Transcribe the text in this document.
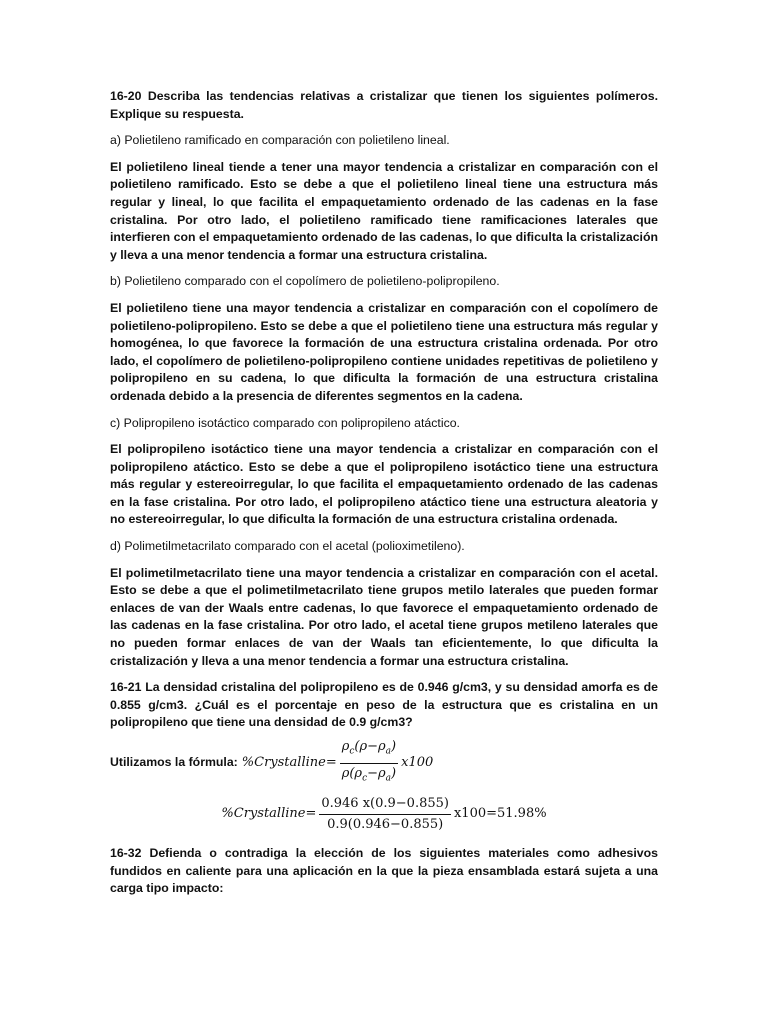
16-20 Describa las tendencias relativas a cristalizar que tienen los siguientes polímeros. Explique su respuesta.

a) Polietileno ramificado en comparación con polietileno lineal.

El polietileno lineal tiende a tener una mayor tendencia a cristalizar en comparación con el polietileno ramificado. Esto se debe a que el polietileno lineal tiene una estructura más regular y lineal, lo que facilita el empaquetamiento ordenado de las cadenas en la fase cristalina. Por otro lado, el polietileno ramificado tiene ramificaciones laterales que interfieren con el empaquetamiento ordenado de las cadenas, lo que dificulta la cristalización y lleva a una menor tendencia a formar una estructura cristalina.

b) Polietileno comparado con el copolímero de polietileno-polipropileno.

El polietileno tiene una mayor tendencia a cristalizar en comparación con el copolímero de polietileno-polipropileno. Esto se debe a que el polietileno tiene una estructura más regular y homogénea, lo que favorece la formación de una estructura cristalina ordenada. Por otro lado, el copolímero de polietileno-polipropileno contiene unidades repetitivas de polietileno y polipropileno en su cadena, lo que dificulta la formación de una estructura cristalina ordenada debido a la presencia de diferentes segmentos en la cadena.

c) Polipropileno isotáctico comparado con polipropileno atáctico.

El polipropileno isotáctico tiene una mayor tendencia a cristalizar en comparación con el polipropileno atáctico. Esto se debe a que el polipropileno isotáctico tiene una estructura más regular y estereoirregular, lo que facilita el empaquetamiento ordenado de las cadenas en la fase cristalina. Por otro lado, el polipropileno atáctico tiene una estructura aleatoria y no estereoirregular, lo que dificulta la formación de una estructura cristalina ordenada.

d) Polimetilmetacrilato comparado con el acetal (polioximetileno).

El polimetilmetacrilato tiene una mayor tendencia a cristalizar en comparación con el acetal. Esto se debe a que el polimetilmetacrilato tiene grupos metilo laterales que pueden formar enlaces de van der Waals entre cadenas, lo que favorece el empaquetamiento ordenado de las cadenas en la fase cristalina. Por otro lado, el acetal tiene grupos metileno laterales que no pueden formar enlaces de van der Waals tan eficientemente, lo que dificulta la cristalización y lleva a una menor tendencia a formar una estructura cristalina.

16-21 La densidad cristalina del polipropileno es de 0.946 g/cm3, y su densidad amorfa es de 0.855 g/cm3. ¿Cuál es el porcentaje en peso de la estructura que es cristalina en un polipropileno que tiene una densidad de 0.9 g/cm3?

Utilizamos la fórmula: %Crystalline= $\frac{\rho_c(\rho-\rho_a)}{\rho(\rho_c-\rho_a)} x100$
%Crystalline= $\frac{0.946 x(0.9-0.855)}{0.9(0.946-0.855)} x100=51.98\%$

16-32 Defienda o contradiga la elección de los siguientes materiales como adhesivos fundidos en caliente para una aplicación en la que la pieza ensamblada estará sujeta a una carga tipo impacto:
